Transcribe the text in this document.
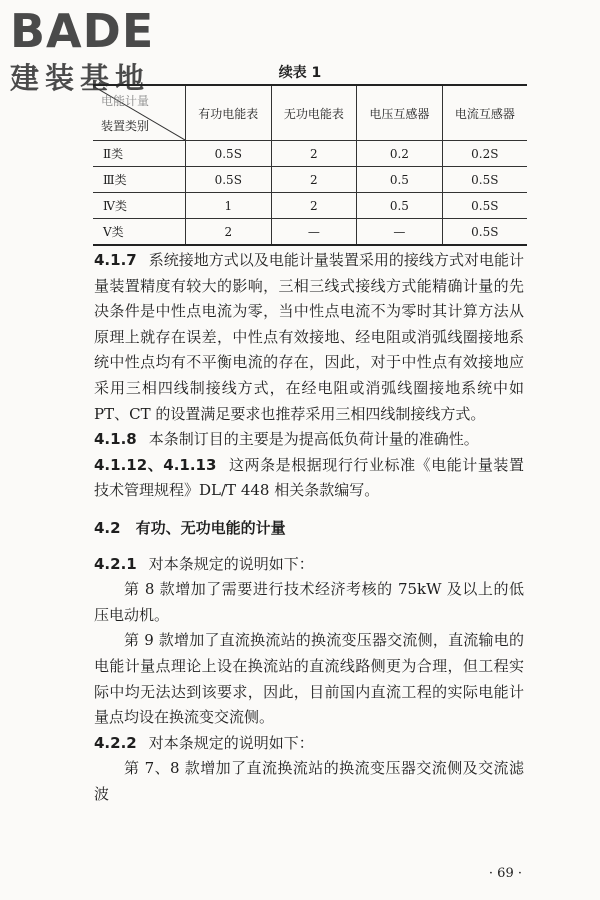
BADE
建装基地	续表 1
电能计量
装置类别	有功电能表	无功电能表	电压互感器	电流互感器
Ⅱ类	0.5S	2	0.2	0.2S
Ⅲ类	0.5S	2	0.5	0.5S
Ⅳ类	1	2	0.5	0.5S
Ⅴ类	2	—	—	0.5S

4.1.7 系统接地方式以及电能计量装置采用的接线方式对电能计量装置精度有较大的影响，三相三线式接线方式能精确计量的先决条件是中性点电流为零，当中性点电流不为零时其计算方法从原理上就存在误差，中性点有效接地、经电阻或消弧线圈接地系统中性点均有不平衡电流的存在，因此，对于中性点有效接地应采用三相四线制接线方式，在经电阻或消弧线圈接地系统中如 PT、CT 的设置满足要求也推荐采用三相四线制接线方式。

4.1.8 本条制订目的主要是为提高低负荷计量的准确性。

4.1.12、4.1.13 这两条是根据现行行业标准《电能计量装置技术管理规程》DL/T 448 相关条款编写。

4.2　有功、无功电能的计量

4.2.1 对本条规定的说明如下：

第 8 款增加了需要进行技术经济考核的 75kW 及以上的低压电动机。

第 9 款增加了直流换流站的换流变压器交流侧，直流输电的电能计量点理论上设在换流站的直流线路侧更为合理，但工程实际中均无法达到该要求，因此，目前国内直流工程的实际电能计量点均设在换流变交流侧。

4.2.2 对本条规定的说明如下：

第 7、8 款增加了直流换流站的换流变压器交流侧及交流滤波

· 69 ·
